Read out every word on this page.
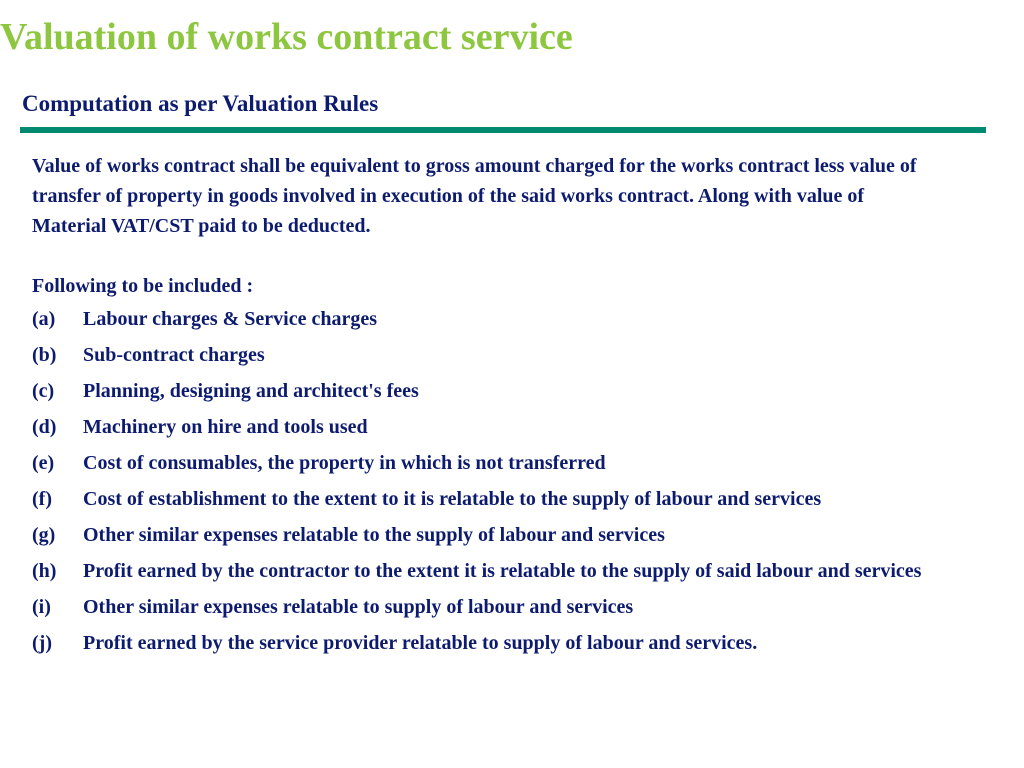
Valuation of works contract service
Computation as per Valuation Rules

Value of works contract shall be equivalent to gross amount charged for the works contract less value of transfer of property in goods involved in execution of the said works contract. Along with value of Material VAT/CST paid to be deducted.

Following to be included :

(a)	Labour charges & Service charges
(b)	Sub-contract charges
(c)	Planning, designing and architect's fees
(d)	Machinery on hire and tools used
(e)	Cost of consumables, the property in which is not transferred
(f)	Cost of establishment to the extent to it is relatable to the supply of labour and services
(g)	Other similar expenses relatable to the supply of labour and services
(h)	Profit earned by the contractor to the extent it is relatable to the supply of said labour and services
(i)	Other similar expenses relatable to supply of labour and services
(j)	Profit earned by the service provider relatable to supply of labour and services.
